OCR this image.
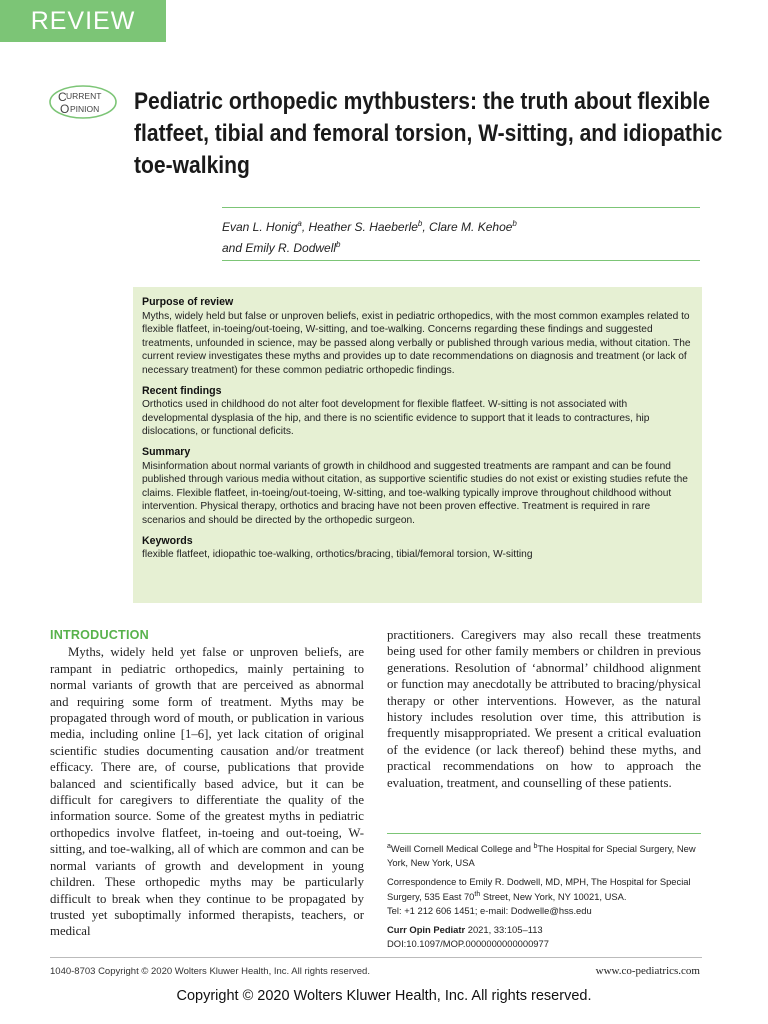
REVIEW
C URRENT
O PINION Pediatric orthopedic mythbusters: the truth about flexible flatfeet, tibial and femoral torsion, W-sitting, and idiopathic toe-walking
Evan L. Honig$^a$, Heather S. Haeberle$^b$, Clare M. Kehoe$^b$
and Emily R. Dodwell$^b$
Purpose of review

Myths, widely held but false or unproven beliefs, exist in pediatric orthopedics, with the most common examples related to flexible flatfeet, in-toeing/out-toeing, W-sitting, and toe-walking. Concerns regarding these findings and suggested treatments, unfounded in science, may be passed along verbally or published through various media, without citation. The current review investigates these myths and provides up to date recommendations on diagnosis and treatment (or lack of necessary treatment) for these common pediatric orthopedic findings.

Recent findings

Orthotics used in childhood do not alter foot development for flexible flatfeet. W-sitting is not associated with developmental dysplasia of the hip, and there is no scientific evidence to support that it leads to contractures, hip dislocations, or functional deficits.

Summary

Misinformation about normal variants of growth in childhood and suggested treatments are rampant and can be found published through various media without citation, as supportive scientific studies do not exist or existing studies refute the claims. Flexible flatfeet, in-toeing/out-toeing, W-sitting, and toe-walking typically improve throughout childhood without intervention. Physical therapy, orthotics and bracing have not been proven effective. Treatment is required in rare scenarios and should be directed by the orthopedic surgeon.

Keywords

flexible flatfeet, idiopathic toe-walking, orthotics/bracing, tibial/femoral torsion, W-sitting

INTRODUCTION

Myths, widely held yet false or unproven beliefs, are rampant in pediatric orthopedics, mainly pertaining to normal variants of growth that are perceived as abnormal and requiring some form of treatment. Myths may be propagated through word of mouth, or publication in various media, including online [1–6], yet lack citation of original scientific studies documenting causation and/or treatment efficacy. There are, of course, publications that provide balanced and scientifically based advice, but it can be difficult for caregivers to differentiate the quality of the information source. Some of the greatest myths in pediatric orthopedics involve flatfeet, in-toeing and out-toeing, W-sitting, and toe-walking, all of which are common and can be normal variants of growth and development in young children. These orthopedic myths may be particularly difficult to break when they continue to be propagated by trusted yet suboptimally informed therapists, teachers, or medical

practitioners. Caregivers may also recall these treatments being used for other family members or children in previous generations. Resolution of ‘abnormal’ childhood alignment or function may anecdotally be attributed to bracing/physical therapy or other interventions. However, as the natural history includes resolution over time, this attribution is frequently misappropriated. We present a critical evaluation of the evidence (or lack thereof) behind these myths, and practical recommendations on how to approach the evaluation, treatment, and counselling of these patients.

$^a$Weill Cornell Medical College and $^b$The Hospital for Special Surgery, New York, New York, USA

Correspondence to Emily R. Dodwell, MD, MPH, The Hospital for Special Surgery, 535 East 70th Street, New York, NY 10021, USA.
Tel: +1 212 606 1451; e-mail: Dodwelle@hss.edu

Curr Opin Pediatr 2021, 33:105–113

DOI:10.1097/MOP.0000000000000977

1040-8703 Copyright © 2020 Wolters Kluwer Health, Inc. All rights reserved.	www.co-pediatrics.com
Copyright © 2020 Wolters Kluwer Health, Inc. All rights reserved.
